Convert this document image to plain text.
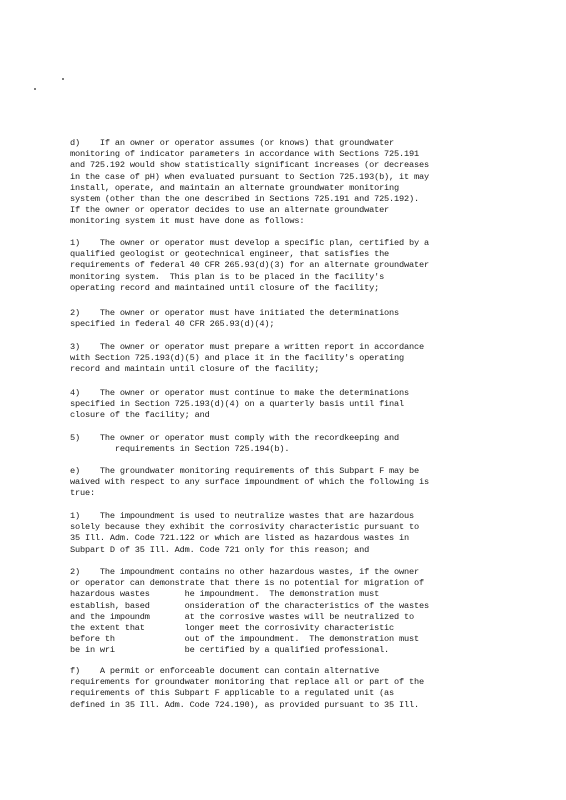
d)    If an owner or operator assumes (or knows) that groundwater
monitoring of indicator parameters in accordance with Sections 725.191
and 725.192 would show statistically significant increases (or decreases
in the case of pH) when evaluated pursuant to Section 725.193(b), it may
install, operate, and maintain an alternate groundwater monitoring
system (other than the one described in Sections 725.191 and 725.192).
If the owner or operator decides to use an alternate groundwater
monitoring system it must have done as follows:
1)    The owner or operator must develop a specific plan, certified by a
qualified geologist or geotechnical engineer, that satisfies the
requirements of federal 40 CFR 265.93(d)(3) for an alternate groundwater
monitoring system.  This plan is to be placed in the facility's
operating record and maintained until closure of the facility;
2)    The owner or operator must have initiated the determinations
specified in federal 40 CFR 265.93(d)(4);
3)    The owner or operator must prepare a written report in accordance
with Section 725.193(d)(5) and place it in the facility's operating
record and maintain until closure of the facility;
4)    The owner or operator must continue to make the determinations
specified in Section 725.193(d)(4) on a quarterly basis until final
closure of the facility; and
5)    The owner or operator must comply with the recordkeeping and
requirements in Section 725.194(b).
e)    The groundwater monitoring requirements of this Subpart F may be
waived with respect to any surface impoundment of which the following is
true:
1)    The impoundment is used to neutralize wastes that are hazardous
solely because they exhibit the corrosivity characteristic pursuant to
35 Ill. Adm. Code 721.122 or which are listed as hazardous wastes in
Subpart D of 35 Ill. Adm. Code 721 only for this reason; and
2)    The impoundment contains no other hazardous wastes, if the owner
or operator can demonstrate that there is no potential for migration of
hazardous wastes       he impoundment.  The demonstration must
establish, based       onsideration of the characteristics of the wastes
and the impoundm       at the corrosive wastes will be neutralized to
the extent that        longer meet the corrosivity characteristic
before th              out of the impoundment.  The demonstration must
be in wri              be certified by a qualified professional.
f)    A permit or enforceable document can contain alternative
requirements for groundwater monitoring that replace all or part of the
requirements of this Subpart F applicable to a regulated unit (as
defined in 35 Ill. Adm. Code 724.190), as provided pursuant to 35 Ill.
